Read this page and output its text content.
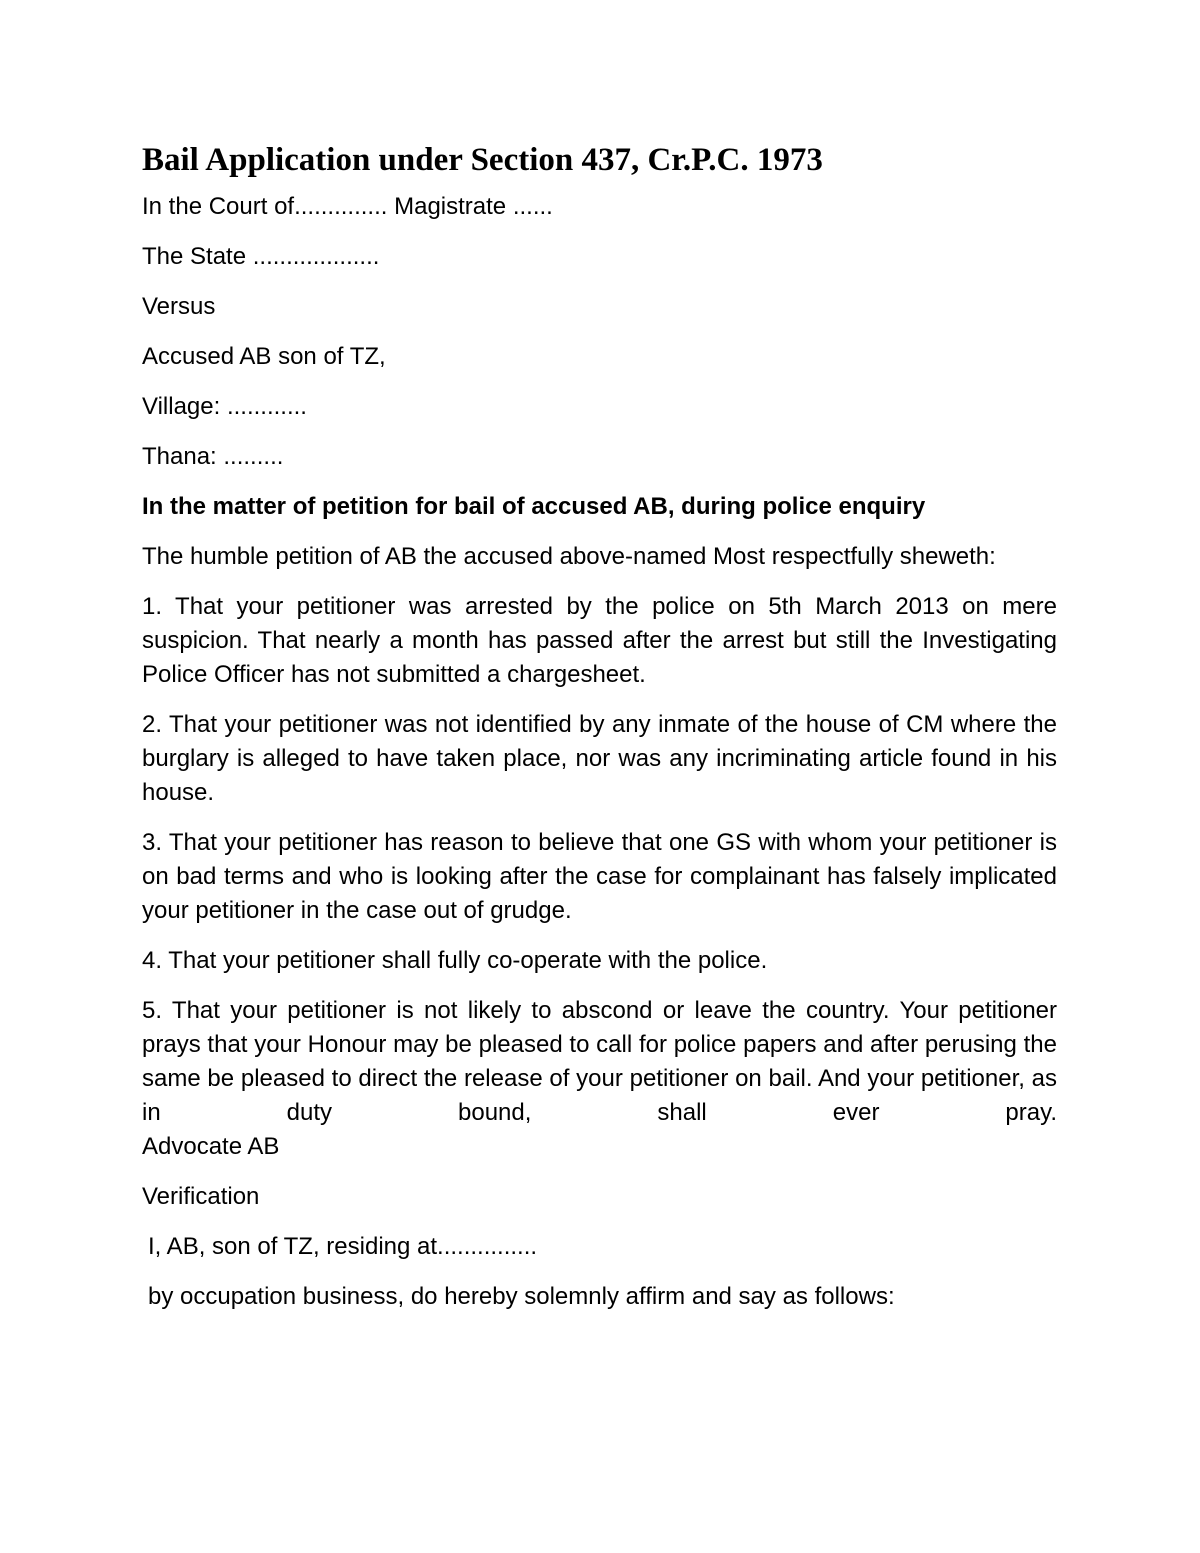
Bail Application under Section 437, Cr.P.C. 1973

In the Court of.............. Magistrate ......

The State ...................

Versus

Accused AB son of TZ,

Village: ............

Thana: .........

In the matter of petition for bail of accused AB, during police enquiry

The humble petition of AB the accused above-named Most respectfully sheweth:

1. That your petitioner was arrested by the police on 5th March 2013 on mere suspicion. That nearly a month has passed after the arrest but still the Investigating Police Officer has not submitted a chargesheet.

2. That your petitioner was not identified by any inmate of the house of CM where the burglary is alleged to have taken place, nor was any incriminating article found in his house.

3. That your petitioner has reason to believe that one GS with whom your petitioner is on bad terms and who is looking after the case for complainant has falsely implicated your petitioner in the case out of grudge.

4. That your petitioner shall fully co-operate with the police.

5. That your petitioner is not likely to abscond or leave the country. Your petitioner prays that your Honour may be pleased to call for police papers and after perusing the same be pleased to direct the release of your petitioner on bail. And your petitioner, as in duty bound, shall ever pray.
Advocate AB

Verification

I, AB, son of TZ, residing at...............

by occupation business, do hereby solemnly affirm and say as follows:
